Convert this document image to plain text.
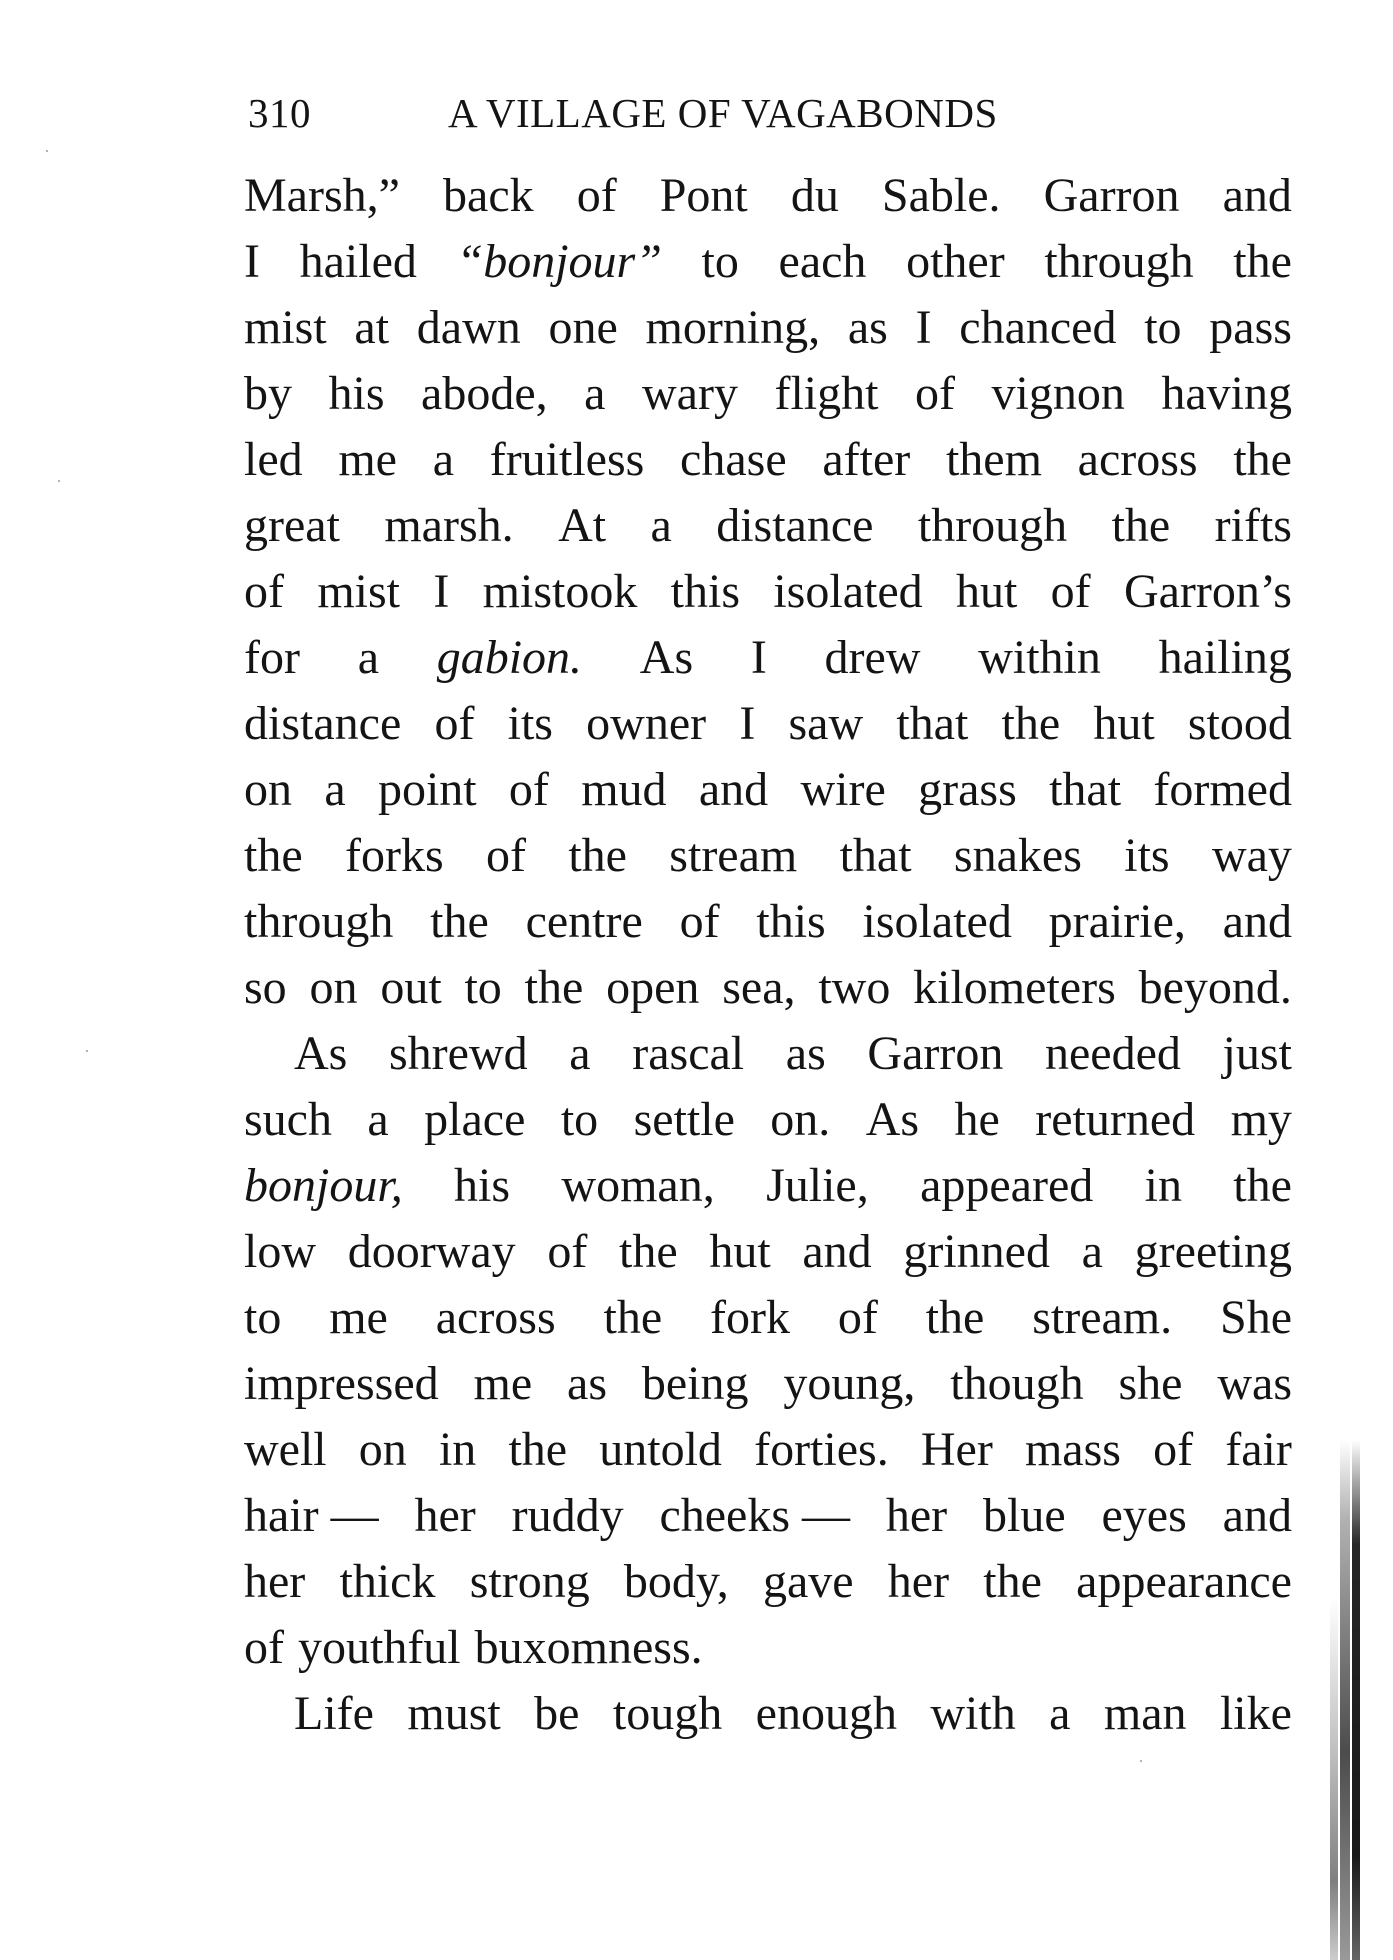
310	A VILLAGE OF VAGABONDS
Marsh,” back of Pont du Sable. Garron and
I hailed “bonjour” to each other through the
mist at dawn one morning, as I chanced to pass
by his abode, a wary flight of vignon having
led me a fruitless chase after them across the
great marsh. At a distance through the rifts
of mist I mistook this isolated hut of Garron’s
for a gabion. As I drew within hailing
distance of its owner I saw that the hut stood
on a point of mud and wire grass that formed
the forks of the stream that snakes its way
through the centre of this isolated prairie, and
so on out to the open sea, two kilometers beyond.
As shrewd a rascal as Garron needed just
such a place to settle on. As he returned my
bonjour, his woman, Julie, appeared in the
low doorway of the hut and grinned a greeting
to me across the fork of the stream. She
impressed me as being young, though she was
well on in the untold forties. Her mass of fair
hair — her ruddy cheeks — her blue eyes and
her thick strong body, gave her the appearance
of youthful buxomness.
Life must be tough enough with a man like
